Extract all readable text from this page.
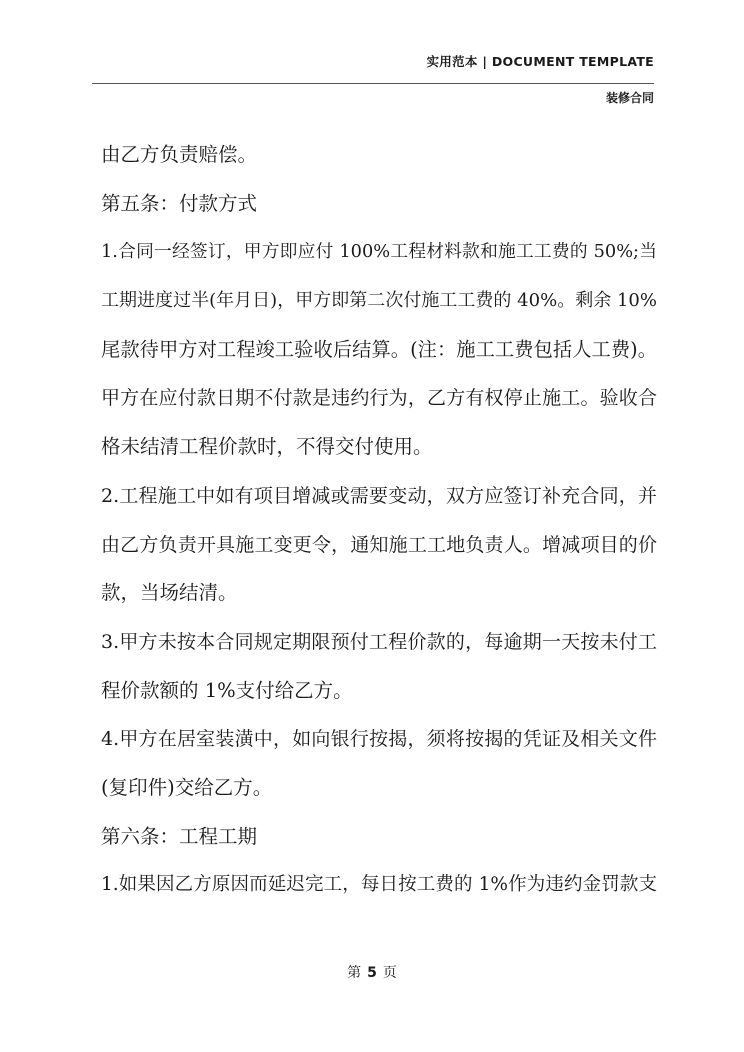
实用范本 | DOCUMENT TEMPLATE
装修合同
由乙方负责赔偿。
第五条：付款方式
1.合同一经签订，甲方即应付 100%工程材料款和施工工费的 50%;当
工期进度过半(年月日)，甲方即第二次付施工工费的 40%。剩余 10%
尾款待甲方对工程竣工验收后结算。(注：施工工费包括人工费)。
甲方在应付款日期不付款是违约行为，乙方有权停止施工。验收合
格未结清工程价款时，不得交付使用。
2.工程施工中如有项目增减或需要变动，双方应签订补充合同，并
由乙方负责开具施工变更令，通知施工工地负责人。增减项目的价
款，当场结清。
3.甲方未按本合同规定期限预付工程价款的，每逾期一天按未付工
程价款额的 1%支付给乙方。
4.甲方在居室装潢中，如向银行按揭，须将按揭的凭证及相关文件
(复印件)交给乙方。
第六条：工程工期
1.如果因乙方原因而延迟完工，每日按工费的 1%作为违约金罚款支
第 5 页
